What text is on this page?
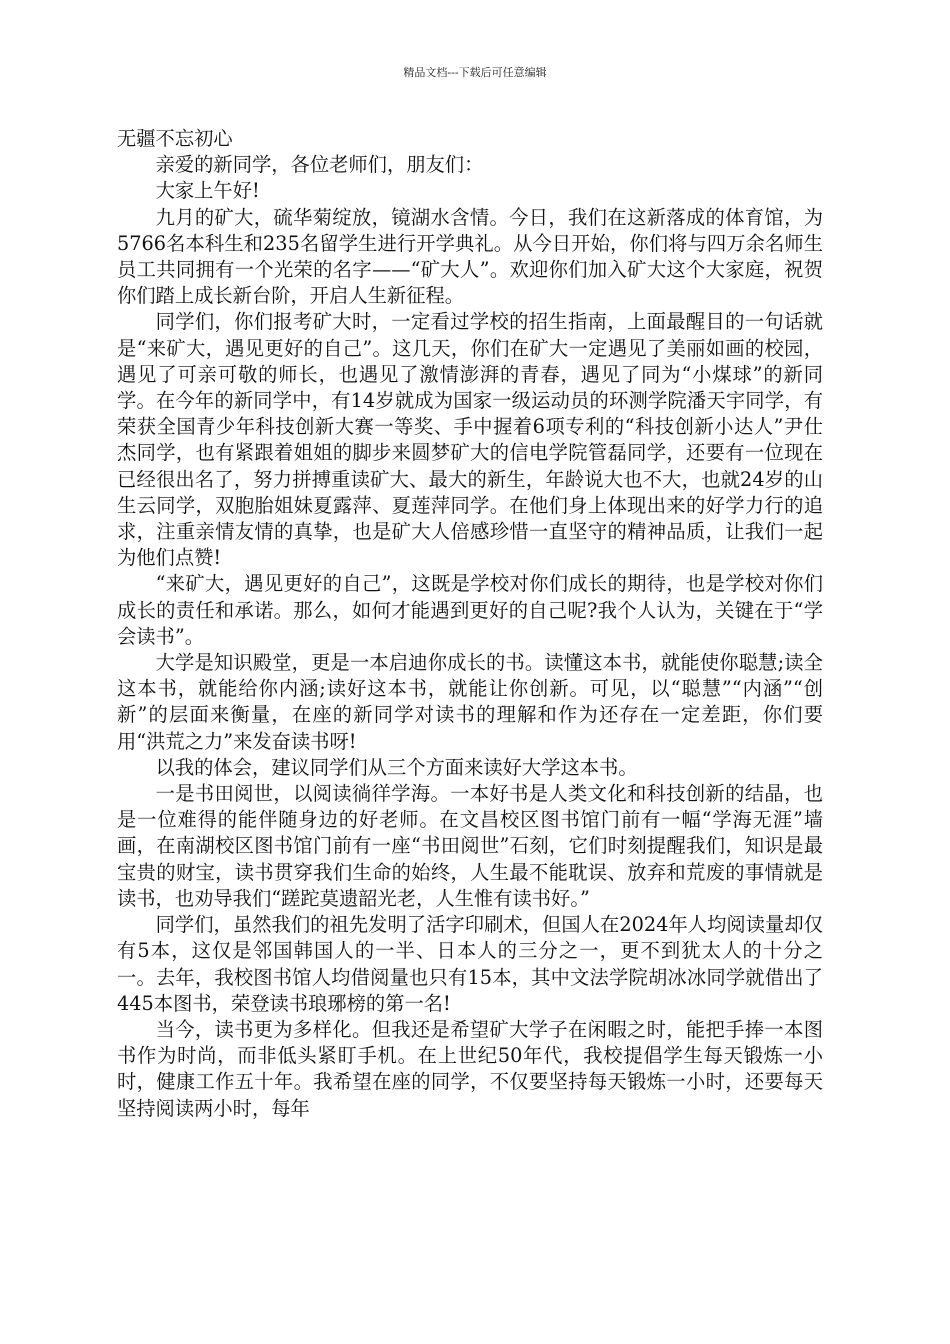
精品文档---下载后可任意编辑

无疆不忘初心

亲爱的新同学，各位老师们，朋友们：

大家上午好!

九月的矿大，硫华菊绽放，镜湖水含情。今日，我们在这新落成的体育馆，为5766名本科生和235名留学生进行开学典礼。从今日开始，你们将与四万余名师生员工共同拥有一个光荣的名字——“矿大人”。欢迎你们加入矿大这个大家庭，祝贺你们踏上成长新台阶，开启人生新征程。

同学们，你们报考矿大时，一定看过学校的招生指南，上面最醒目的一句话就是“来矿大，遇见更好的自己”。这几天，你们在矿大一定遇见了美丽如画的校园，遇见了可亲可敬的师长，也遇见了激情澎湃的青春，遇见了同为“小煤球”的新同学。在今年的新同学中，有14岁就成为国家一级运动员的环测学院潘天宇同学，有荣获全国青少年科技创新大赛一等奖、手中握着6项专利的“科技创新小达人”尹仕杰同学，也有紧跟着姐姐的脚步来圆梦矿大的信电学院管磊同学，还要有一位现在已经很出名了，努力拼搏重读矿大、最大的新生，年龄说大也不大，也就24岁的山生云同学，双胞胎姐妹夏露萍、夏莲萍同学。在他们身上体现出来的好学力行的追求，注重亲情友情的真挚，也是矿大人倍感珍惜一直坚守的精神品质，让我们一起为他们点赞!

“来矿大，遇见更好的自己”，这既是学校对你们成长的期待，也是学校对你们成长的责任和承诺。那么，如何才能遇到更好的自己呢?我个人认为，关键在于“学会读书”。

大学是知识殿堂，更是一本启迪你成长的书。读懂这本书，就能使你聪慧;读全这本书，就能给你内涵;读好这本书，就能让你创新。可见，以“聪慧”“内涵”“创新”的层面来衡量，在座的新同学对读书的理解和作为还存在一定差距，你们要用“洪荒之力”来发奋读书呀!

以我的体会，建议同学们从三个方面来读好大学这本书。

一是书田阅世，以阅读徜徉学海。一本好书是人类文化和科技创新的结晶，也是一位难得的能伴随身边的好老师。在文昌校区图书馆门前有一幅“学海无涯”墙画，在南湖校区图书馆门前有一座“书田阅世”石刻，它们时刻提醒我们，知识是最宝贵的财宝，读书贯穿我们生命的始终，人生最不能耽误、放弃和荒废的事情就是读书，也劝导我们“蹉跎莫遗韶光老，人生惟有读书好。”

同学们，虽然我们的祖先发明了活字印刷术，但国人在2024年人均阅读量却仅有5本，这仅是邻国韩国人的一半、日本人的三分之一，更不到犹太人的十分之一。去年，我校图书馆人均借阅量也只有15本，其中文法学院胡冰冰同学就借出了445本图书，荣登读书琅琊榜的第一名!

当今，读书更为多样化。但我还是希望矿大学子在闲暇之时，能把手捧一本图书作为时尚，而非低头紧盯手机。在上世纪50年代，我校提倡学生每天锻炼一小时，健康工作五十年。我希望在座的同学，不仅要坚持每天锻炼一小时，还要每天坚持阅读两小时，每年
